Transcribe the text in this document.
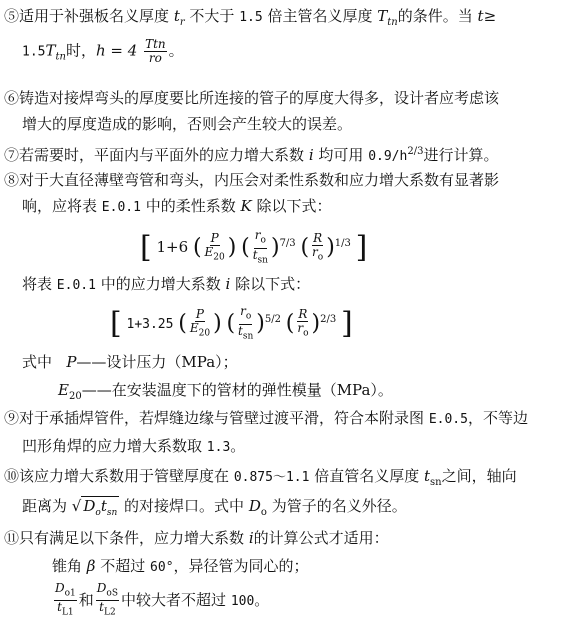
⑤适用于补强板名义厚度 $t_r$ 不大于 1.5 倍主管名义厚度 $T_{tn}$的条件。当 t≥
$1.5T_{tn}$时，$h = 4 \frac{\text{Ttn}}{ro}$ 。
⑥铸造对接焊弯头的厚度要比所连接的管子的厚度大得多，设计者应考虑该
增大的厚度造成的影响，否则会产生较大的误差。
⑦若需要时，平面内与平面外的应力增大系数 i 均可用 $0.9/h^{2/3}$进行计算。
⑧对于大直径薄壁弯管和弯头，内压会对柔性系数和应力增大系数有显著影
响，应将表 E.0.1 中的柔性系数 K 除以下式：
[ 1+6 ( $\frac{P}{E_{20}}$ ) ( $\frac{r_o}{t_{sn}} )^{7/3}$ ( $\frac{R}{r_o} )^{1/3}$ ]
将表 E.0.1 中的应力增大系数 i 除以下式：
[ 1+3.25 ( $\frac{P}{E_{20}}$ ) ( $\frac{r_o}{t_{sn}} )^{5/2}$ ( $\frac{R}{r_o} )^{2/3}$ ]
式中 P——设计压力（MPa）；
$E_{20}——$在安装温度下的管材的弹性模量（MPa）。
⑨对于承插焊管件，若焊缝边缘与管壁过渡平滑，符合本附录图 E.0.5，不等边
凹形角焊的应力增大系数取 1.3。
⑩该应力增大系数用于管壁厚度在 0.875～1.1 倍直管名义厚度 $t_{sn}$之间，轴向
距离为 √ $D_ot_{sn}$ 的对接焊口。式中 $D_o$ 为管子的名义外径。
⑪只有满足以下条件，应力增大系数 i的计算公式才适用：
锥角 β 不超过 60°，异径管为同心的；
$\frac{D_{o1}}{t_{L1}}$ 和 $\frac{D_{oS}}{t_{L2}}$ 中较大者不超过 100。
